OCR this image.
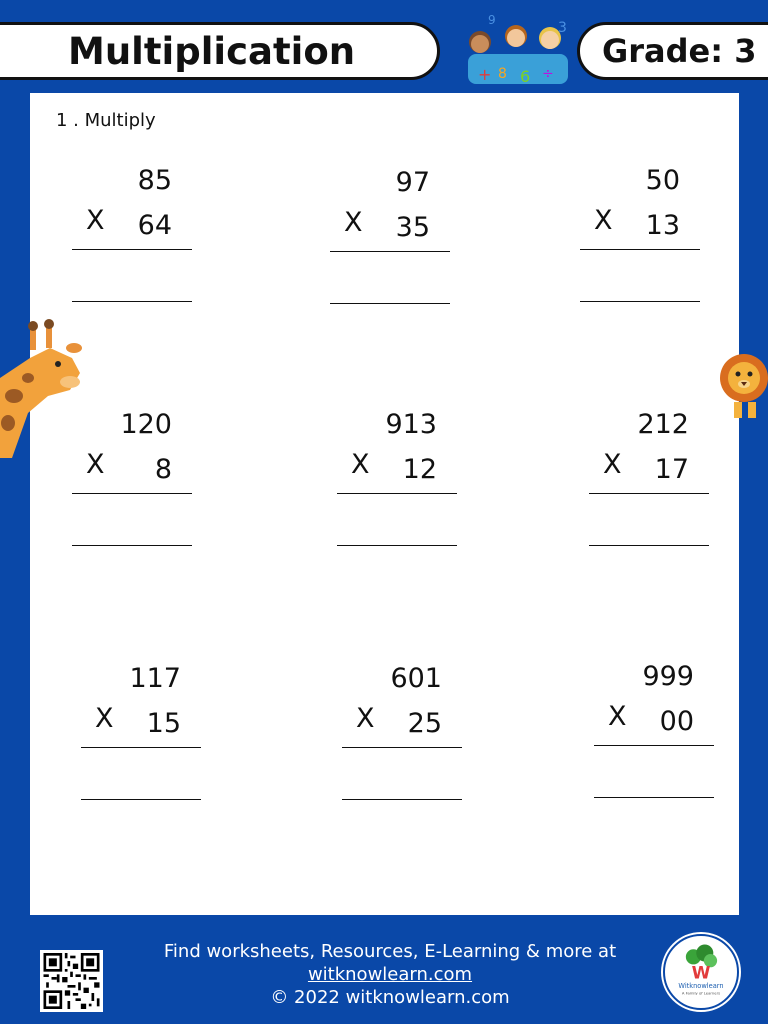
Multiplication
+ 8 6 ÷
3
9
Grade: 3
1 . Multiply
85
X 64
97
X 35
50
X 13
120
X 8
913
X 12
212
X 17
117
X 15
601
X 25
999
X 00
Find worksheets, Resources, E-Learning & more at
witknowlearn.com
© 2022 witknowlearn.com
W
Witknowlearn
A Family of Learners
